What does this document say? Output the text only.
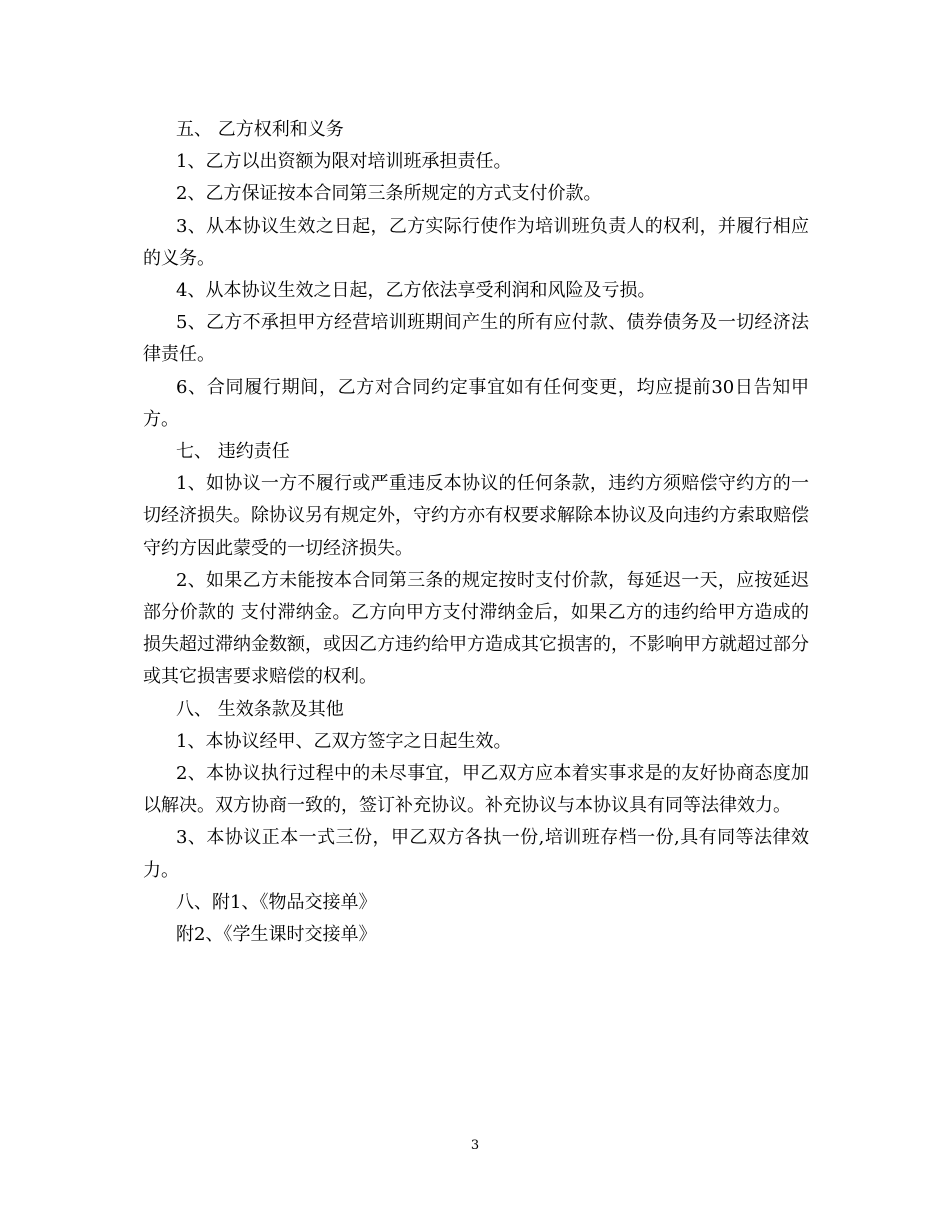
五、 乙方权利和义务

1、乙方以出资额为限对培训班承担责任。

2、乙方保证按本合同第三条所规定的方式支付价款。

3、从本协议生效之日起，乙方实际行使作为培训班负责人的权利，并履行相应的义务。

4、从本协议生效之日起，乙方依法享受利润和风险及亏损。

5、乙方不承担甲方经营培训班期间产生的所有应付款、债券债务及一切经济法律责任。

6、合同履行期间，乙方对合同约定事宜如有任何变更，均应提前30日告知甲方。

七、 违约责任

1、如协议一方不履行或严重违反本协议的任何条款，违约方须赔偿守约方的一切经济损失。除协议另有规定外，守约方亦有权要求解除本协议及向违约方索取赔偿守约方因此蒙受的一切经济损失。

2、如果乙方未能按本合同第三条的规定按时支付价款，每延迟一天，应按延迟部分价款的 支付滞纳金。乙方向甲方支付滞纳金后，如果乙方的违约给甲方造成的损失超过滞纳金数额，或因乙方违约给甲方造成其它损害的，不影响甲方就超过部分或其它损害要求赔偿的权利。

八、 生效条款及其他

1、本协议经甲、乙双方签字之日起生效。

2、本协议执行过程中的未尽事宜，甲乙双方应本着实事求是的友好协商态度加以解决。双方协商一致的，签订补充协议。补充协议与本协议具有同等法律效力。

3、本协议正本一式三份，甲乙双方各执一份,培训班存档一份,具有同等法律效力。

八、附1、《物品交接单》

附2、《学生课时交接单》

3
